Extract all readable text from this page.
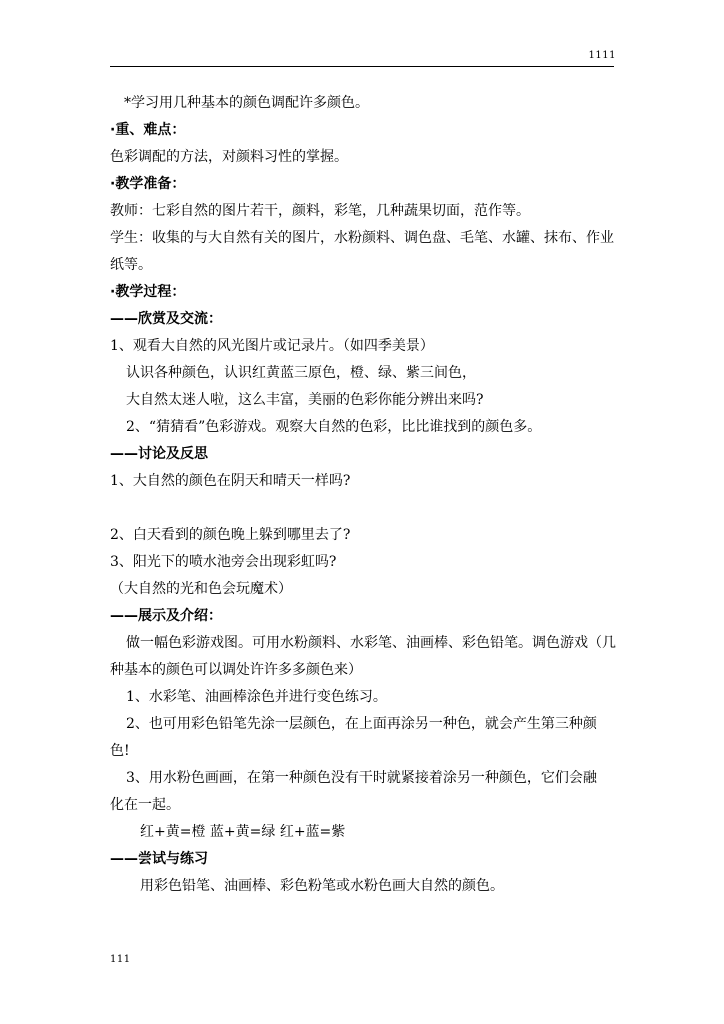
1111
*学习用几种基本的颜色调配许多颜色。
·重、难点：
色彩调配的方法，对颜料习性的掌握。
·教学准备：
教师：七彩自然的图片若干，颜料，彩笔，几种蔬果切面，范作等。
学生：收集的与大自然有关的图片，水粉颜料、调色盘、毛笔、水罐、抹布、作业
纸等。
·教学过程：
——欣赏及交流：
1、观看大自然的风光图片或记录片。（如四季美景）
认识各种颜色，认识红黄蓝三原色，橙、绿、紫三间色，
大自然太迷人啦，这么丰富，美丽的色彩你能分辨出来吗?
2、“猜猜看”色彩游戏。观察大自然的色彩，比比谁找到的颜色多。
——讨论及反思
1、大自然的颜色在阴天和晴天一样吗?
2、白天看到的颜色晚上躲到哪里去了?
3、阳光下的喷水池旁会出现彩虹吗?
（大自然的光和色会玩魔术）
——展示及介绍：
做一幅色彩游戏图。可用水粉颜料、水彩笔、油画棒、彩色铅笔。调色游戏（几
种基本的颜色可以调处许许多多颜色来）
1、水彩笔、油画棒涂色并进行变色练习。
2、也可用彩色铅笔先涂一层颜色，在上面再涂另一种色，就会产生第三种颜
色!
3、用水粉色画画，在第一种颜色没有干时就紧接着涂另一种颜色，它们会融
化在一起。
红+黄=橙 蓝+黄=绿 红+蓝=紫
——尝试与练习
用彩色铅笔、油画棒、彩色粉笔或水粉色画大自然的颜色。
111
